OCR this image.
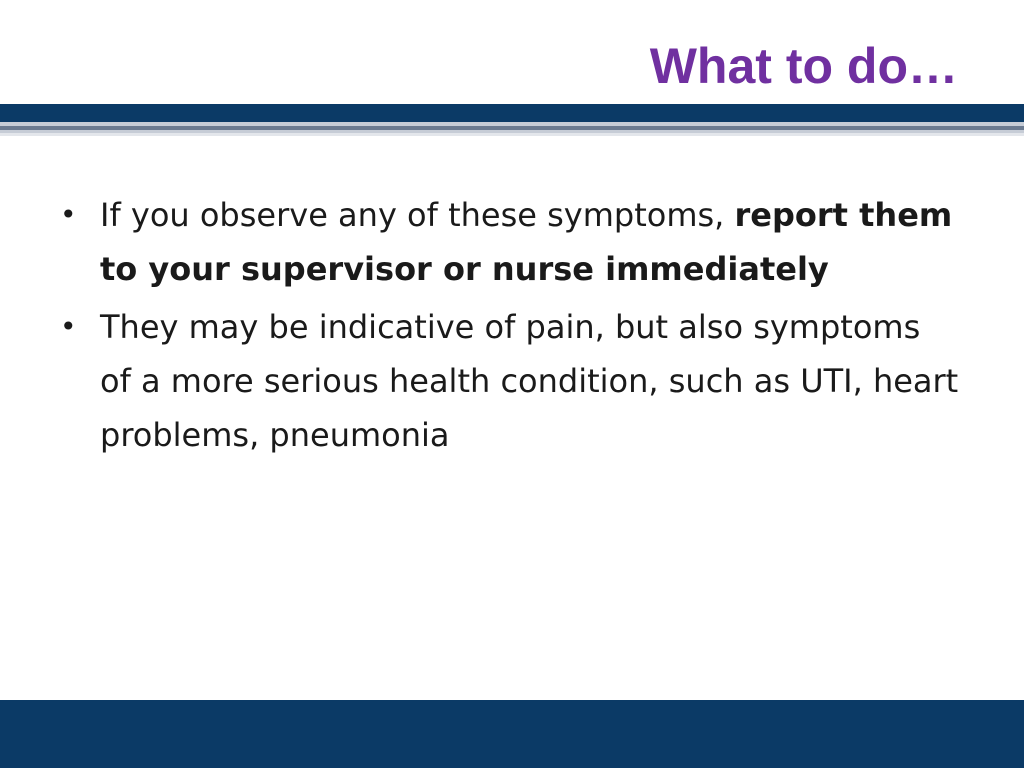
What to do…
• If you observe any of these symptoms, report them to your supervisor or nurse immediately
• They may be indicative of pain, but also symptoms of a more serious health condition, such as UTI, heart problems, pneumonia
